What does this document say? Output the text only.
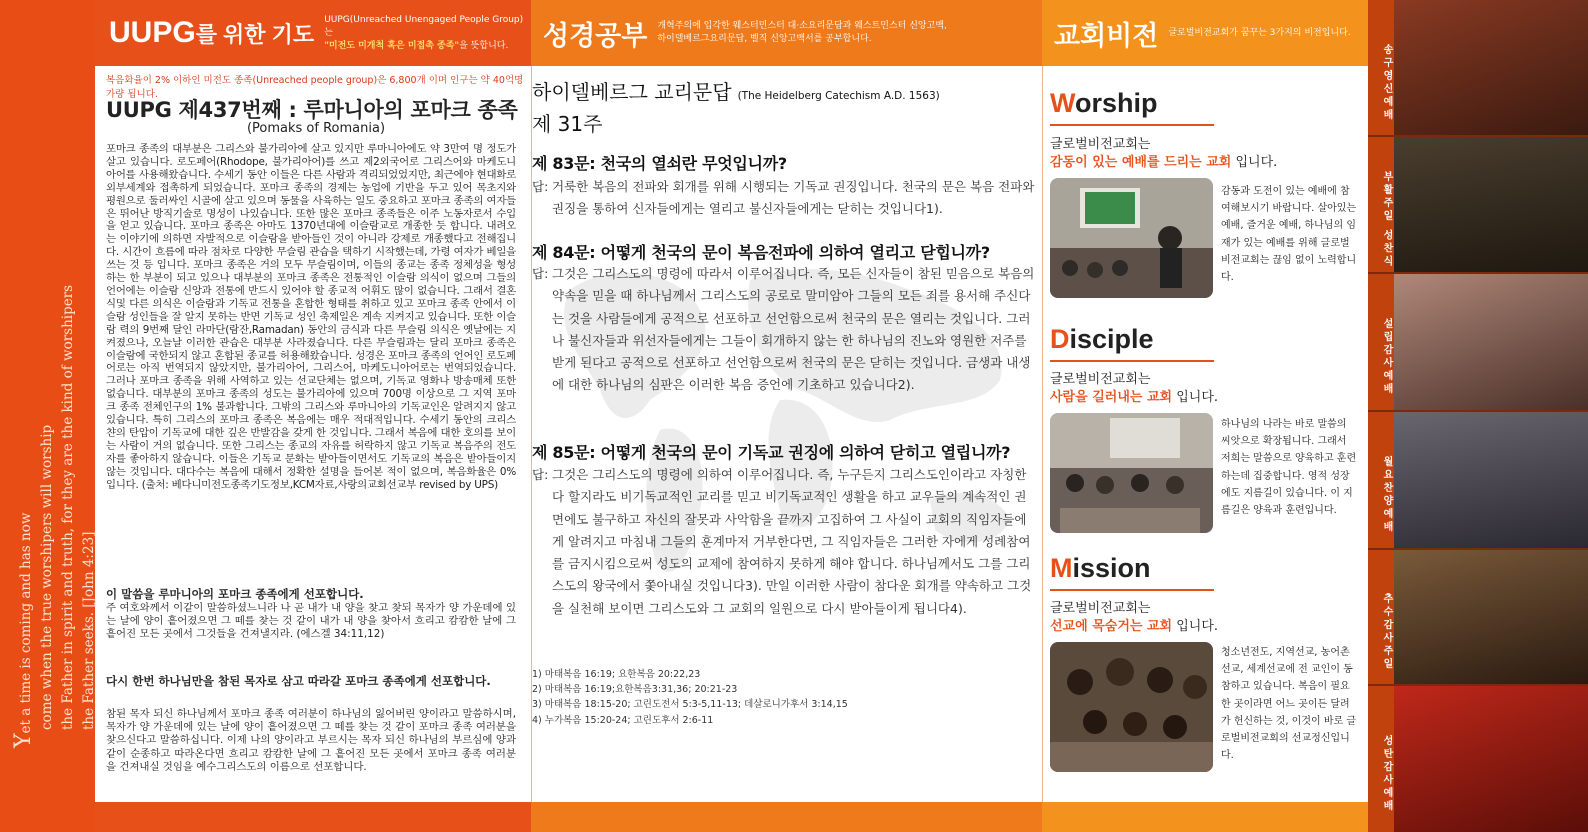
Yet a time is coming and has now come when the true worshipers will worship the Father in spirit and truth, for they are the kind of worshipers
the Father seeks. [John 4:23]
UUPG를 위한 기도
UUPG(Unreached Unengaged People Group)는
"미전도 미개척 혹은 미접촉 종족"을 뜻합니다.	성경공부 개혁주의에 입각한 웨스터민스터 대·소요리문답과 웨스트민스터 신앙고백,
하이델베르그요리문답, 벨직 신앙고백서를 공부합니다.	교회비전 글로벌비전교회가 꿈꾸는 3가지의 비전입니다.
복음화율이 2% 이하인 미전도 종족(Unreached people group)은 6,800개 이며 인구는 약 40억명 가량 됩니다.
UUPG 제437번째 : 루마니아의 포마크 종족
(Pomaks of Romania)
포마크 종족의 대부분은 그리스와 불가리아에 살고 있지만 루마니아에도 약 3만여 명 정도가 살고 있습니다. 로도페어(Rhodope, 불가리아어)를 쓰고 제2외국어로 그리스어와 마케도니아어를 사용해왔습니다. 수세기 동안 이들은 다른 사람과 격리되었었지만, 최근에야 현대화로 외부세계와 접촉하게 되었습니다. 포마크 종족의 경제는 농업에 기반을 두고 있어 목초지와 평원으로 둘러싸인 시골에 살고 있으며 동물을 사육하는 일도 중요하고 포마크 종족의 여자들은 뛰어난 방직기술로 명성이 나있습니다. 또한 많은 포마크 종족들은 이주 노동자로서 수입을 얻고 있습니다. 포마크 종족은 아마도 1370년대에 이슬람교로 개종한 듯 합니다. 내려오는 이야기에 의하면 자발적으로 이슬람을 받아들인 것이 아니라 강제로 개종했다고 전해집니다. 시간이 흐름에 따라 점차로 다양한 무슬림 관습을 택하기 시작했는데, 가령 여자가 베일을 쓰는 것 등 입니다. 포마크 종족은 거의 모두 무슬림이며, 이들의 종교는 종족 정체성을 형성하는 한 부분이 되고 있으나 대부분의 포마크 종족은 전통적인 이슬람 의식이 없으며 그들의 언어에는 이슬람 신앙과 전통에 반드시 있어야 할 종교적 어휘도 많이 없습니다. 그래서 결혼식및 다른 의식은 이슬람과 기독교 전통을 혼합한 형태를 취하고 있고 포마크 종족 안에서 이슬람 성인들을 잘 알지 못하는 반면 기독교 성인 축제일은 계속 지켜지고 있습니다. 또한 이슬람 력의 9번째 달인 라마단(람잔,Ramadan) 동안의 금식과 다른 무슬림 의식은 옛날에는 지켜졌으나, 오늘날 이러한 관습은 대부분 사라졌습니다. 다른 무슬림과는 달리 포마크 종족은 이슬람에 국한되지 않고 혼합된 종교를 허용해왔습니다. 성경은 포마크 종족의 언어인 로도페어로는 아직 번역되지 않았지만, 불가리아어, 그리스어, 마케도니아어로는 번역되었습니다. 그러나 포마크 종족을 위해 사역하고 있는 선교단체는 없으며, 기독교 영화나 방송매체 또한 없습니다. 대부분의 포마크 종족의 성도는 불가리아에 있으며 700명 이상으로 그 지역 포마크 종족 전체인구의 1% 불과합니다. 그밖의 그리스와 루마니아의 기독교인은 알려지지 않고 있습니다. 특히 그리스의 포마크 종족은 복음에는 매우 적대적입니다. 수세기 동안의 크리스챤의 탄압이 기독교에 대한 깊은 반발감을 갖게 한 것입니다. 그래서 복음에 대한 호의를 보이는 사람이 거의 없습니다. 또한 그리스는 종교의 자유를 허락하지 않고 기독교 복음주의 전도자를 좋아하지 않습니다. 이들은 기독교 문화는 받아들이면서도 기독교의 복음은 받아들이지 않는 것입니다. 대다수는 복음에 대해서 정확한 설명을 들어본 적이 없으며, 복음화율은 0%입니다. (출처: 베다니미전도종족기도정보,KCM자료,사랑의교회선교부 revised by UPS)
이 말씀을 루마니아의 포마크 종족에게 선포합니다.
주 여호와께서 이같이 말씀하셨느니라 나 곧 내가 내 양을 찾고 찾되 목자가 양 가운데에 있는 날에 양이 흩어졌으면 그 떼를 찾는 것 같이 내가 내 양을 찾아서 흐리고 캄캄한 날에 그 흩어진 모든 곳에서 그것들을 건져낼지라. (에스겔 34:11,12)
다시 한번 하나님만을 참된 목자로 삼고 따라갈 포마크 종족에게 선포합니다.
참된 목자 되신 하나님께서 포마크 종족 여러분이 하나님의 잃어버린 양이라고 말씀하시며, 목자가 양 가운데에 있는 날에 양이 흩어졌으면 그 떼를 찾는 것 같이 포마크 종족 여러분을 찾으신다고 말씀하십니다. 이제 나의 양이라고 부르시는 목자 되신 하나님의 부르심에 양과 같이 순종하고 따라온다면 흐리고 캄캄한 날에 그 흩어진 모든 곳에서 포마크 종족 여러분을 건져내실 것임을 예수그리스도의 이름으로 선포합니다.
하이델베르그 교리문답 (The Heidelberg Catechism A.D. 1563)
제 31주
제 83문: 천국의 열쇠란 무엇입니까?
답: 거룩한 복음의 전파와 회개를 위해 시행되는 기독교 권징입니다. 천국의 문은 복음 전파와 권징을 통하여 신자들에게는 열리고 불신자들에게는 닫히는 것입니다1).
제 84문: 어떻게 천국의 문이 복음전파에 의하여 열리고 닫힙니까?
답: 그것은 그리스도의 명령에 따라서 이루어집니다. 즉, 모든 신자들이 참된 믿음으로 복음의 약속을 믿을 때 하나님께서 그리스도의 공로로 말미암아 그들의 모든 죄를 용서해 주신다는 것을 사람들에게 공적으로 선포하고 선언함으로써 천국의 문은 열리는 것입니다. 그러나 불신자들과 위선자들에게는 그들이 회개하지 않는 한 하나님의 진노와 영원한 저주를 받게 된다고 공적으로 선포하고 선언함으로써 천국의 문은 닫히는 것입니다. 금생과 내생에 대한 하나님의 심판은 이러한 복음 증언에 기초하고 있습니다2).
제 85문: 어떻게 천국의 문이 기독교 권징에 의하여 닫히고 열립니까?
답: 그것은 그리스도의 명령에 의하여 이루어집니다. 즉, 누구든지 그리스도인이라고 자칭한다 할지라도 비기독교적인 교리를 믿고 비기독교적인 생활을 하고 교우들의 계속적인 권면에도 불구하고 자신의 잘못과 사악함을 끝까지 고집하여 그 사실이 교회의 직임자들에게 알려지고 마침내 그들의 훈계마저 거부한다면, 그 직임자들은 그러한 자에게 성례참여를 금지시킴으로써 성도의 교제에 참여하지 못하게 해야 합니다. 하나님께서도 그를 그리스도의 왕국에서 쫓아내실 것입니다3). 만일 이러한 사람이 참다운 회개를 약속하고 그것을 실천해 보이면 그리스도와 그 교회의 일원으로 다시 받아들이게 됩니다4).
1) 마태복음 16:19; 요한복음 20:22,23
2) 마태복음 16:19;요한복음3:31,36; 20:21-23
3) 마태복음 18:15-20; 고린도전서 5:3-5,11-13; 데살로니가후서 3:14,15
4) 누가복음 15:20-24; 고린도후서 2:6-11
Worship
글로벌비전교회는
감동이 있는 예배를 드리는 교회 입니다.
감동과 도전이 있는 예배에 참여해보시기 바랍니다. 살아있는 예배, 즐거운 예배, 하나님의 임재가 있는 예배를 위해 글로벌비전교회는 끊임 없이 노력합니다.
Disciple
글로벌비전교회는
사람을 길러내는 교회 입니다.
하나님의 나라는 바로 말씀의 씨앗으로 확장됩니다. 그래서 저희는 말씀으로 양육하고 훈련하는데 집중합니다. 영적 성장에도 지름길이 있습니다. 이 지름길은 양육과 훈련입니다.
Mission
글로벌비전교회는
선교에 목숨거는 교회 입니다.
청소년전도, 지역선교, 농어촌선교, 세계선교에 전 교인이 동참하고 있습니다. 복음이 필요한 곳이라면 어느 곳이든 달려가 헌신하는 것, 이것이 바로 글로벌비전교회의 선교정신입니다.
송구영신예배
부활주일 성찬식
설립감사예배
월요찬양예배
추수감사주일
성탄감사예배
